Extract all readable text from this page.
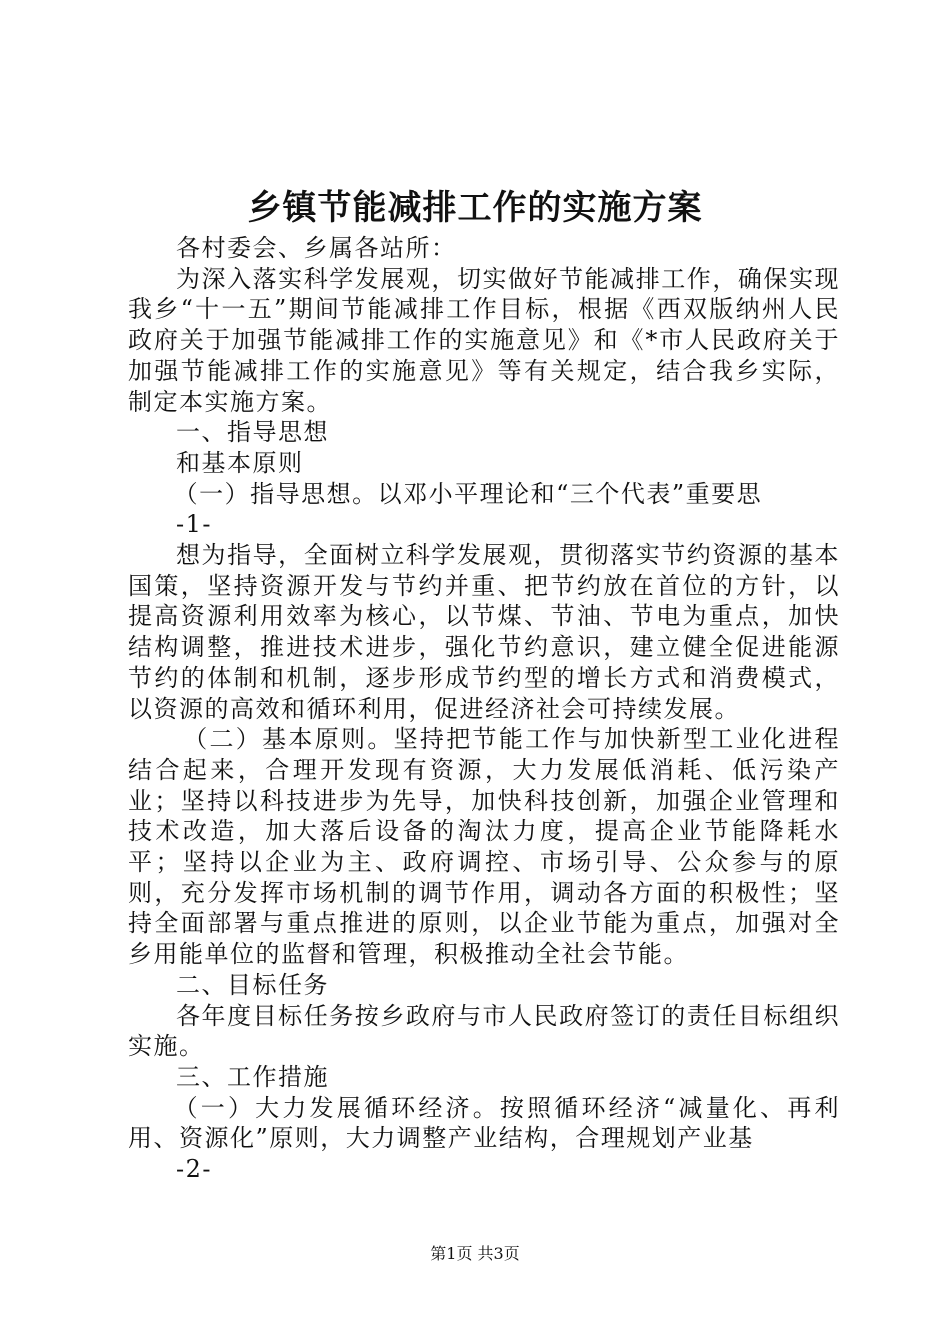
乡镇节能减排工作的实施方案

各村委会、乡属各站所：

为深入落实科学发展观，切实做好节能减排工作，确保实现我乡“十一五”期间节能减排工作目标，根据《西双版纳州人民政府关于加强节能减排工作的实施意见》和《*市人民政府关于加强节能减排工作的实施意见》等有关规定，结合我乡实际，制定本实施方案。

一、指导思想

和基本原则

（一）指导思想。以邓小平理论和“三个代表”重要思

-1-

想为指导，全面树立科学发展观，贯彻落实节约资源的基本国策，坚持资源开发与节约并重、把节约放在首位的方针，以提高资源利用效率为核心，以节煤、节油、节电为重点，加快结构调整，推进技术进步，强化节约意识，建立健全促进能源节约的体制和机制，逐步形成节约型的增长方式和消费模式，以资源的高效和循环利用，促进经济社会可持续发展。

（二）基本原则。坚持把节能工作与加快新型工业化进程结合起来，合理开发现有资源，大力发展低消耗、低污染产业；坚持以科技进步为先导，加快科技创新，加强企业管理和技术改造，加大落后设备的淘汰力度，提高企业节能降耗水平；坚持以企业为主、政府调控、市场引导、公众参与的原则，充分发挥市场机制的调节作用，调动各方面的积极性；坚持全面部署与重点推进的原则，以企业节能为重点，加强对全乡用能单位的监督和管理，积极推动全社会节能。

二、目标任务

各年度目标任务按乡政府与市人民政府签订的责任目标组织实施。

三、工作措施

（一）大力发展循环经济。按照循环经济“减量化、再利用、资源化”原则，大力调整产业结构，合理规划产业基

-2-

第1页 共3页
